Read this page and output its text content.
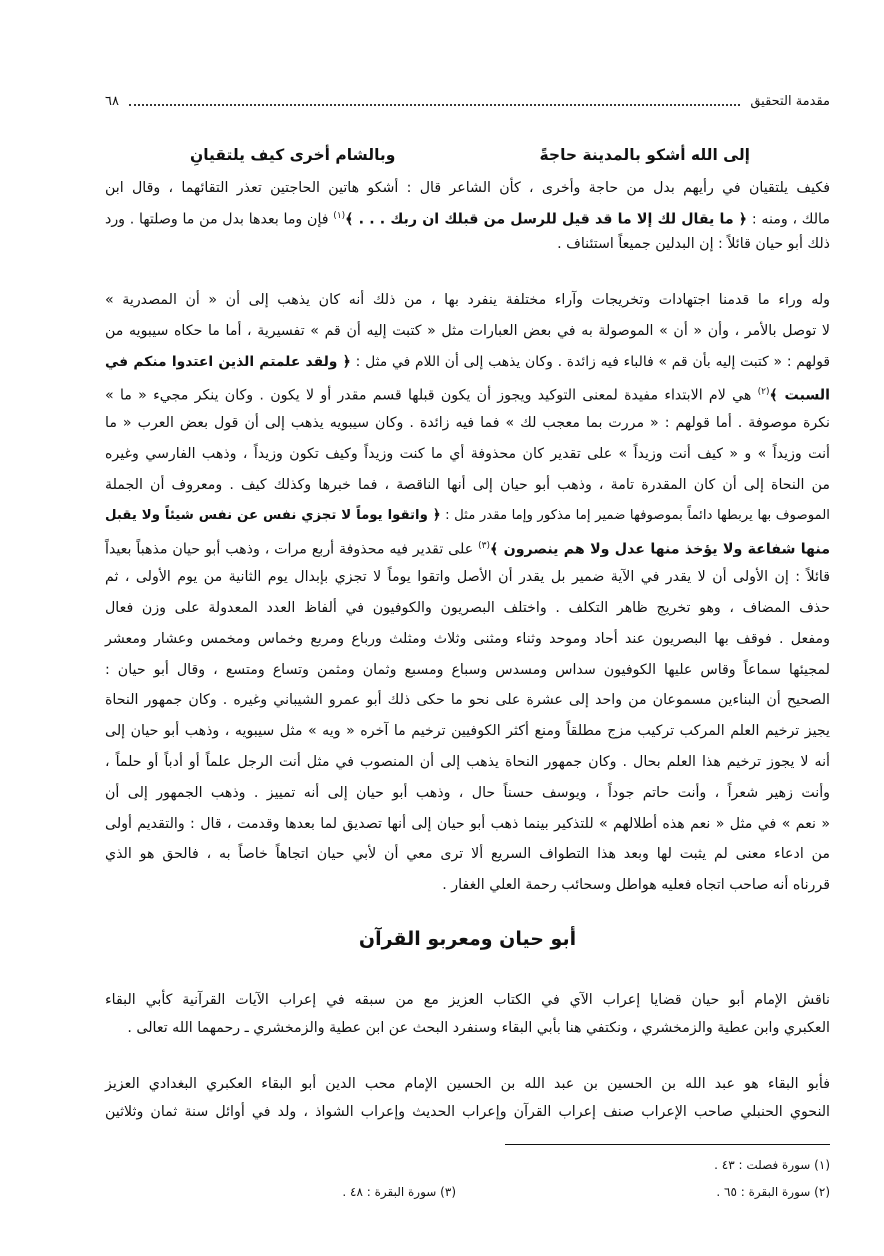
مقدمة التحقيق
٦٨
إلى الله أشكو بالمدينة حاجةً
وبالشام أخرى كيف يلتقيانِ
فكيف يلتقيان في رأيهم بدل من حاجة وأخرى ، كأن الشاعر قال : أشكو هاتين الحاجتين تعذر التقائهما ، وقال ابن
مالك ، ومنه : ﴿ ما يقال لك إلا ما قد قيل للرسل من قبلك ان ربك . . . ﴾$^{(١)}$ فإن وما بعدها بدل من ما وصلتها . ورد
ذلك أبو حيان قائلاً : إن البدلين جميعاً استئناف .
وله وراء ما قدمنا اجتهادات وتخريجات وآراء مختلفة ينفرد بها ، من ذلك أنه كان يذهب إلى أن « أن المصدرية »
لا توصل بالأمر ، وأن « أن » الموصولة به في بعض العبارات مثل « كتبت إليه أن قم » تفسيرية ، أما ما حكاه سيبويه من
قولهم : « كتبت إليه بأن قم » فالباء فيه زائدة . وكان يذهب إلى أن اللام في مثل : ﴿ ولقد علمتم الذين اعتدوا منكم في
السبت ﴾$^{(٢)}$ هي لام الابتداء مفيدة لمعنى التوكيد ويجوز أن يكون قبلها قسم مقدر أو لا يكون . وكان ينكر مجيء « ما »
نكرة موصوفة . أما قولهم : « مررت بما معجب لك » فما فيه زائدة . وكان سيبويه يذهب إلى أن قول بعض العرب « ما
أنت وزيداً » و « كيف أنت وزيداً » على تقدير كان محذوفة أي ما كنت وزيداً وكيف تكون وزيداً ، وذهب الفارسي وغيره
من النحاة إلى أن كان المقدرة تامة ، وذهب أبو حيان إلى أنها الناقصة ، فما خبرها وكذلك كيف . ومعروف أن الجملة
الموصوف بها يربطها دائماً بموصوفها ضمير إما مذكور وإما مقدر مثل : ﴿ واتقوا يوماً لا تجزي نفس عن نفس شيئاً ولا يقبل
منها شفاعة ولا يؤخذ منها عدل ولا هم ينصرون ﴾$^{(٣)}$ على تقدير فيه محذوفة أربع مرات ، وذهب أبو حيان مذهباً بعيداً
قائلاً : إن الأولى أن لا يقدر في الآية ضمير بل يقدر أن الأصل واتقوا يوماً لا تجزي بإبدال يوم الثانية من يوم الأولى ، ثم
حذف المضاف ، وهو تخريج ظاهر التكلف . واختلف البصريون والكوفيون في ألفاظ العدد المعدولة على وزن فعال
ومفعل . فوقف بها البصريون عند أحاد وموحد وثناء ومثنى وثلاث ومثلث ورباع ومربع وخماس ومخمس وعشار ومعشر
لمجيئها سماعاً وقاس عليها الكوفيون سداس ومسدس وسباع ومسبع وثمان ومثمن وتساع ومتسع ، وقال أبو حيان :
الصحيح أن البناءين مسموعان من واحد إلى عشرة على نحو ما حكى ذلك أبو عمرو الشيباني وغيره . وكان جمهور النحاة
يجيز ترخيم العلم المركب تركيب مزج مطلقاً ومنع أكثر الكوفيين ترخيم ما آخره « ويه » مثل سيبويه ، وذهب أبو حيان إلى
أنه لا يجوز ترخيم هذا العلم بحال . وكان جمهور النحاة يذهب إلى أن المنصوب في مثل أنت الرجل علماً أو أدباً أو حلماً ،
وأنت زهير شعراً ، وأنت حاتم جوداً ، ويوسف حسناً حال ، وذهب أبو حيان إلى أنه تمييز . وذهب الجمهور إلى أن
« نعم » في مثل « نعم هذه أطلالهم » للتذكير بينما ذهب أبو حيان إلى أنها تصديق لما بعدها وقدمت ، قال : والتقديم أولى
من ادعاء معنى لم يثبت لها وبعد هذا التطواف السريع ألا ترى معي أن لأبي حيان اتجاهاً خاصاً به ، فالحق هو الذي
قررناه أنه صاحب اتجاه فعليه هواطل وسحائب رحمة العلي الغفار .
ناقش الإمام أبو حيان قضايا إعراب الآي في الكتاب العزيز مع من سبقه في إعراب الآيات القرآنية كأبي البقاء
العكبري وابن عطية والزمخشري ، ونكتفي هنا بأبي البقاء وسنفرد البحث عن ابن عطية والزمخشري ـ رحمهما الله تعالى .
فأبو البقاء هو عبد الله بن الحسين بن عبد الله بن الحسين الإمام محب الدين أبو البقاء العكبري البغدادي العزيز
النحوي الحنبلي صاحب الإعراب صنف إعراب القرآن وإعراب الحديث وإعراب الشواذ ، ولد في أوائل سنة ثمان وثلاثين
أبو حيان ومعربو القرآن
(١) سورة فصلت : ٤٣ .
(٢) سورة البقرة : ٦٥ .
(٣) سورة البقرة : ٤٨ .
